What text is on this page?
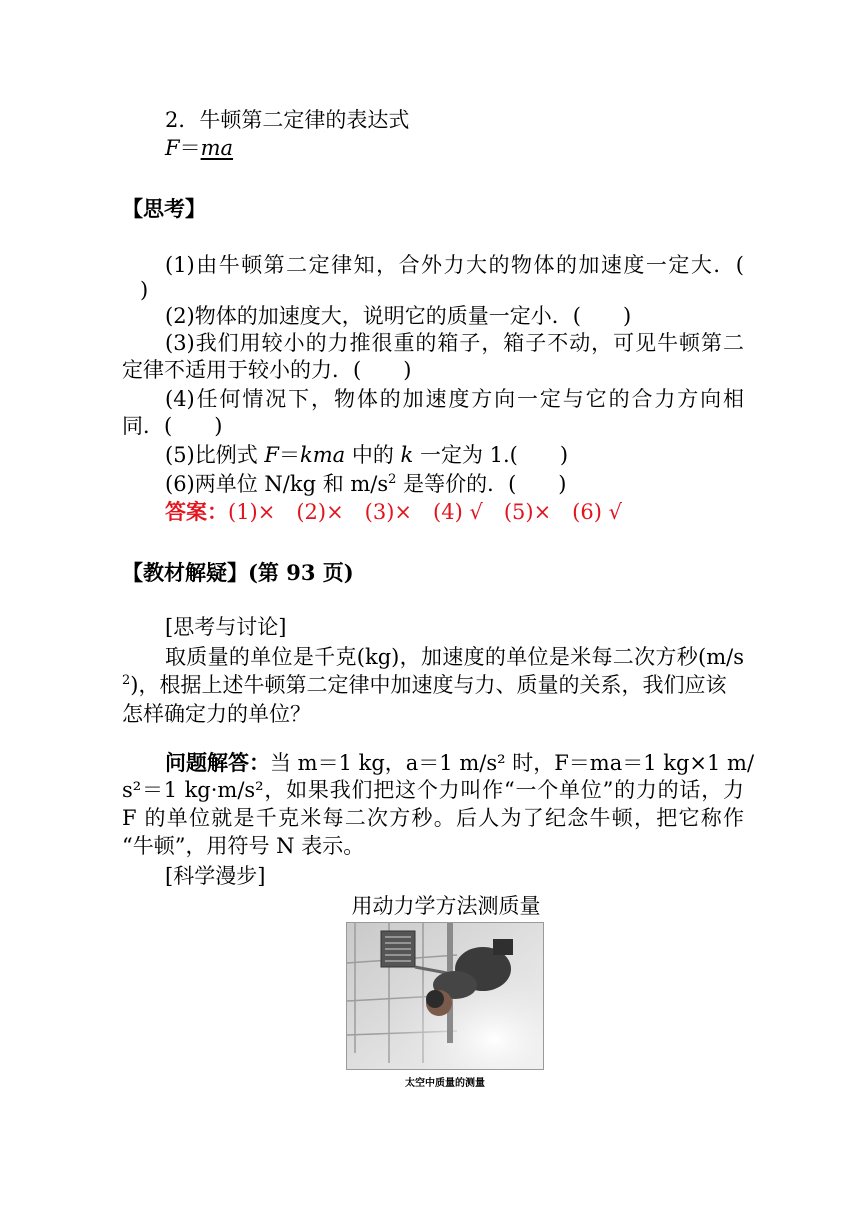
2．牛顿第二定律的表达式
F＝ma
【思考】
(1)由牛顿第二定律知，合外力大的物体的加速度一定大．(
)
(2)物体的加速度大，说明它的质量一定小．(　　)
(3)我们用较小的力推很重的箱子，箱子不动，可见牛顿第二
定律不适用于较小的力．(　　)
(4)任何情况下，物体的加速度方向一定与它的合力方向相
同．(　　)
(5)比例式 F＝kma 中的 k 一定为 1.(　　)
(6)两单位 N/kg 和 $m/s^2$ 是等价的．(　　)
答案：(1)×　(2)×　(3)×　(4) √　(5)×　(6) √
【教材解疑】(第 93 页)
[思考与讨论]
取质量的单位是千克(kg)，加速度的单位是米每二次方秒(m/s
$^2$)，根据上述牛顿第二定律中加速度与力、质量的关系，我们应该
怎样确定力的单位？
问题解答：当 m＝1 kg，a＝1 m/s² 时，F＝ma＝1 kg×1 m/
s²＝1 kg·m/s²，如果我们把这个力叫作“一个单位”的力的话，力
F 的单位就是千克米每二次方秒。后人为了纪念牛顿，把它称作
“牛顿”，用符号 N 表示。
[科学漫步]
用动力学方法测质量
太空中质量的测量
